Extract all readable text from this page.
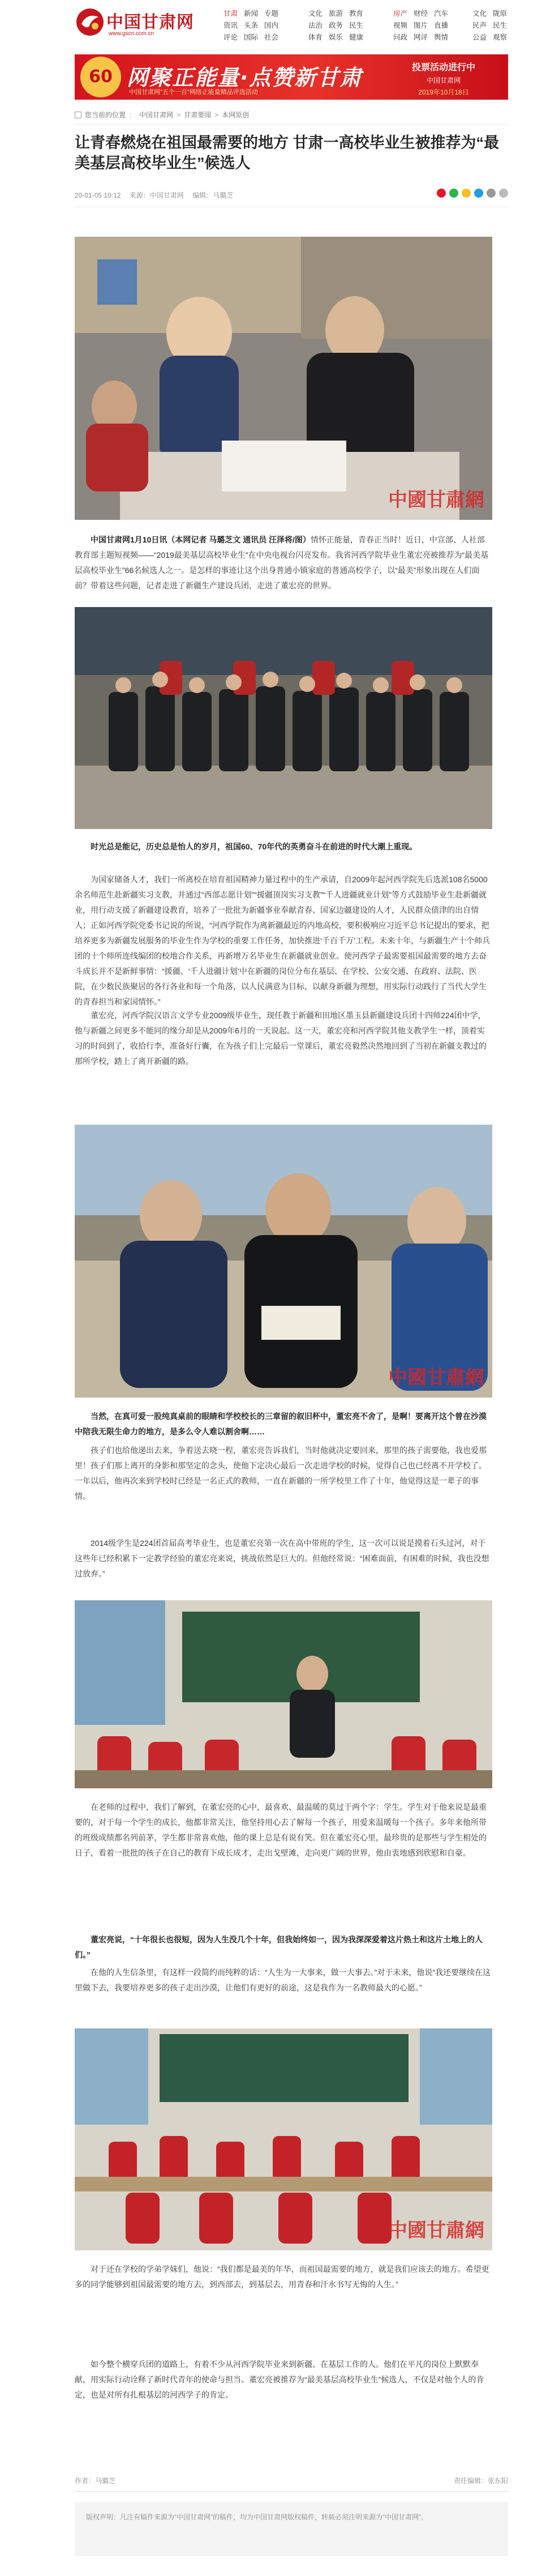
中国甘肃网
www.gscn.com.cn
甘肃 新闻 专题
资讯 头条 国内
评论 国际 社会
文化 旅游 教育
法治 政务 民生
体育 娱乐 健康
房产 财经 汽车
视频 图片 直播
问政 网评 舆情
文化 陇原
民声 民生
公益 观察
60 网聚正能量·点赞新甘肃
中国甘肃网"五个一百"网络正能量精品评选活动
投票活动进行中
中国甘肃网
2019年10月18日
您当前的位置 ： 中国甘肃网 > 甘肃要闻 > 本网原创
让青春燃烧在祖国最需要的地方 甘肃一高校毕业生被推荐为“最美基层高校毕业生”候选人
20-01-05 10:12 来源：中国甘肃网 编辑：马璐芝
中國甘肅網
中国甘肃网1月10日讯（本网记者 马璐芝文 通讯员 汪泽将/图）情怀正能量，青春正当时！近日，中宣部、人社部教育部主题短视频——“2019最美基层高校毕业生”在中央电视台闪亮发布。我省河西学院毕业生董宏亮被推荐为“最美基层高校毕业生”66名候选人之一。是怎样的事迹让这个出身普通小镇家庭的普通高校学子，以“最美”形象出现在人们面前？带着这些问题，记者走进了新疆生产建设兵团，走进了董宏亮的世界。
时光总是能记，历史总是怡人的岁月，祖国60、70年代的英勇奋斗在前进的时代大潮上重现。
为国家储备人才，我们一所离校在培育祖国精神力量过程中的生产承请，自2009年起河西学院先后选派108名5000余名师范生赴新疆实习支教，并通过“西部志愿计划”“援疆顶岗实习支教”“千人进疆就业计划”等方式鼓励毕业生赴新疆就业，用行动支援了新疆建设教育，培养了一批批为新疆事业奉献青春、国家边疆建设的人才，人民群众债津的出自情人；正如河西学院党委书记说的所说，“河西学院作为离新疆最近的内地高校，要积极响应习近平总书记提出的要求，把培养更多为新疆发展服务的毕业生作为学校的重要工作任务，加快推进‘千百千万’工程。未来十年，与新疆生产十个师兵团的十个师所连线编团的校地合作关系，再新增万名毕业生在新疆就业创业。使河西学子最需要祖国最需要的地方去奋斗成长并不是新鲜事情：“援疆、‘千人进疆计划’中在新疆的岗位分布在基层、在学校、公安交通、在政府、法院、医院，在少数民族聚居的各行各业和每一个角落，以人民满意为目标，以献身新疆为理想，用实际行动践行了当代大学生的青春担当和家国情怀。”
董宏亮，河西学院汉语言文学专业2009级毕业生，现任教于新疆和田地区墨玉县新疆建设兵团十四师224团中学，他与新疆之间更多不能同的缘分却是从2009年6月的一天说起。这一天，董宏亮和河西学院其他支教学生一样，顶着实习的时间到了，收拾行李，准备好行囊，在为孩子们上完最后一堂课后，董宏亮毅然决然地回到了当初在新疆支教过的那所学校，踏上了离开新疆的路。
中國甘肅網
当然，在真可爱一股纯真桌前的眼睛和学校校长的三章留的叙旧杯中，董宏亮不舍了，是啊！要离开这个曾在沙漠中陪我无限生命力的地方，是多么令人难以割舍啊……
孩子们也给他递出去来，争着送去晓一程，董宏亮告诉我们，当时他就决定要回来，那里的孩子需要他，我也爱那里！孩子们那上离开的身影和那坚定的念头，使他下定决心最后一次走进学校的时候，觉得自己也已经离不开学校了。一年以后，他再次来到学校时已经是一名正式的教师，一直在新疆的一所学校里工作了十年，他觉得这是一辈子的事情。
2014级学生是224团首届高考毕业生，也是董宏亮第一次在高中带班的学生，这一次可以说是摸着石头过河，对于这些年已经积累下一定教学经验的董宏亮来说，挑战依然是巨大的。但他经常说：“困难面前，有困难的时候，我也没想过放弃。”
在老师的过程中，我们了解到，在董宏亮的心中，最喜欢、最温暖的莫过于两个字：学生。学生对于他来说是最重要的，对于每一个学生的成长，他都非常关注，他坚持用心去了解每一个孩子，用爱来温暖每一个孩子。多年来他所带的班级成绩都名列前茅，学生都非常喜欢他，他的课上总是有说有笑。但在董宏亮心里，最珍贵的是那些与学生相处的日子，看着一批批的孩子在自己的教育下成长成才，走出戈壁滩，走向更广阔的世界，他由衷地感到欣慰和自豪。
董宏亮说，“十年很长也很短，因为人生没几个十年，但我始终如一，因为我深深爱着这片热土和这片土地上的人们。”
在他的人生信条里，有这样一段简约而纯粹的话：“人生为一大事来，做一大事去。”对于未来，他说“我还要继续在这里做下去，我要培养更多的孩子走出沙漠，让他们有更好的前途，这是我作为一名教师最大的心愿。”
中國甘肅網
对于还在学校的学弟学妹们，他说：“我们都是最美的年华，而祖国最需要的地方，就是我们应该去的地方。希望更多的同学能够到祖国最需要的地方去，到西部去，到基层去，用青春和汗水书写无悔的人生。”
如今整个横穿兵团的道路上，有着不少从河西学院毕业来到新疆、在基层工作的人。他们在平凡的岗位上默默奉献，用实际行动诠释了新时代青年的使命与担当。董宏亮被推荐为“最美基层高校毕业生”候选人，不仅是对他个人的肯定，也是对所有扎根基层的河西学子的肯定。
作者：马璐芝	责任编辑：张东阳
版权声明：凡注有稿件来源为“中国甘肃网”的稿件，均为中国甘肃网版权稿件，转载必须注明来源为“中国甘肃网”。
